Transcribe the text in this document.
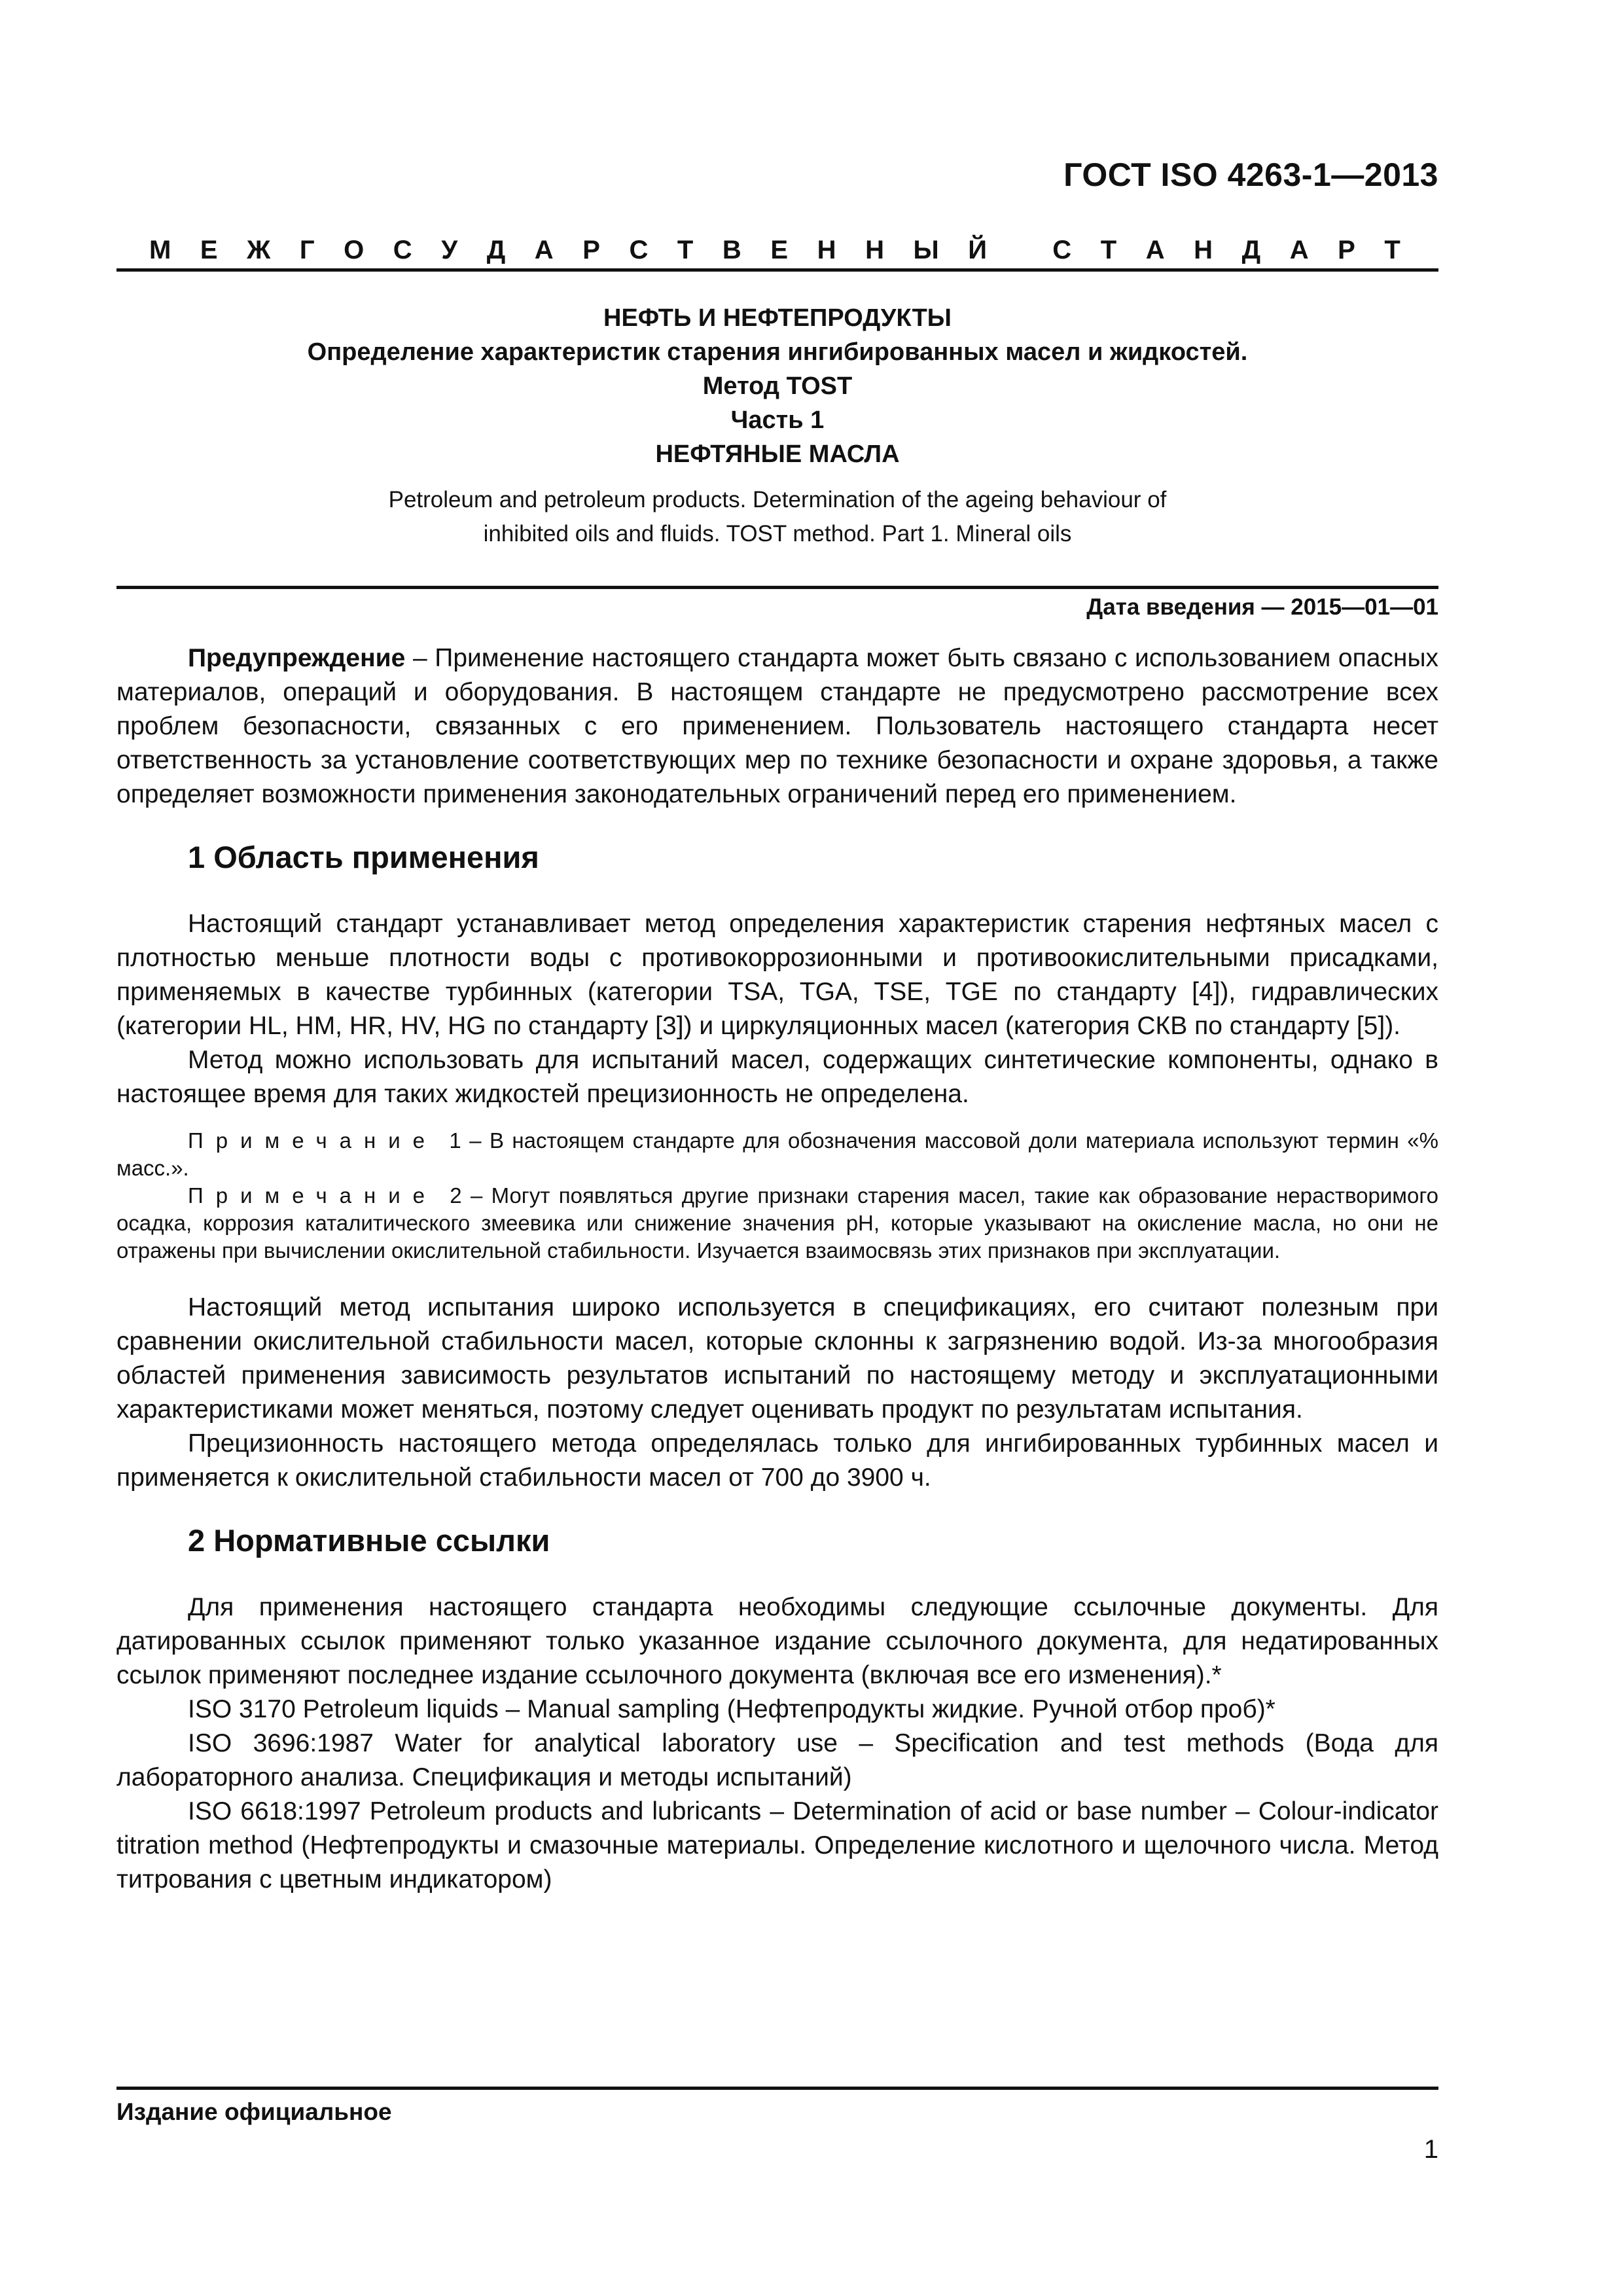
ГОСТ ISO 4263-1—2013
М Е Ж Г О С У Д А Р С Т В Е Н Н Ы Й
	С Т А Н Д А Р Т
НЕФТЬ И НЕФТЕПРОДУКТЫ
Определение характеристик старения ингибированных масел и жидкостей.
Метод TOST
Часть 1
НЕФТЯНЫЕ МАСЛА
Petroleum and petroleum products. Determination of the ageing behaviour of
inhibited oils and fluids. TOST method. Part 1. Mineral oils
Дата введения — 2015—01—01

Предупреждение – Применение настоящего стандарта может быть связано с использованием опасных материалов, операций и оборудования. В настоящем стандарте не предусмотрено рассмотрение всех проблем безопасности, связанных с его применением. Пользователь настоящего стандарта несет ответственность за установление соответствующих мер по технике безопасности и охране здоровья, а также определяет возможности применения законодательных ограничений перед его применением.

1 Область применения

Настоящий стандарт устанавливает метод определения характеристик старения нефтяных масел с плотностью меньше плотности воды с противокоррозионными и противоокислительными присадками, применяемых в качестве турбинных (категории TSA, TGA, TSE, TGE по стандарту [4]), гидравлических (категории HL, HM, HR, HV, HG по стандарту [3]) и циркуляционных масел (категория СКВ по стандарту [5]).

Метод можно использовать для испытаний масел, содержащих синтетические компоненты, однако в настоящее время для таких жидкостей прецизионность не определена.

Примечание 1 – В настоящем стандарте для обозначения массовой доли материала используют термин «% масс.».

Примечание 2 – Могут появляться другие признаки старения масел, такие как образование нерастворимого осадка, коррозия каталитического змеевика или снижение значения pH, которые указывают на окисление масла, но они не отражены при вычислении окислительной стабильности. Изучается взаимосвязь этих признаков при эксплуатации.

Настоящий метод испытания широко используется в спецификациях, его считают полезным при сравнении окислительной стабильности масел, которые склонны к загрязнению водой. Из-за многообразия областей применения зависимость результатов испытаний по настоящему методу и эксплуатационными характеристиками может меняться, поэтому следует оценивать продукт по результатам испытания.

Прецизионность настоящего метода определялась только для ингибированных турбинных масел и применяется к окислительной стабильности масел от 700 до 3900 ч.

2 Нормативные ссылки

Для применения настоящего стандарта необходимы следующие ссылочные документы. Для датированных ссылок применяют только указанное издание ссылочного документа, для недатированных ссылок применяют последнее издание ссылочного документа (включая все его изменения).*

ISO 3170 Petroleum liquids – Manual sampling (Нефтепродукты жидкие. Ручной отбор проб)*

ISO 3696:1987 Water for analytical laboratory use – Specification and test methods (Вода для лабораторного анализа. Спецификация и методы испытаний)

ISO 6618:1997 Petroleum products and lubricants – Determination of acid or base number – Colour-indicator titration method (Нефтепродукты и смазочные материалы. Определение кислотного и щелочного числа. Метод титрования с цветным индикатором)

Издание официальное
1
